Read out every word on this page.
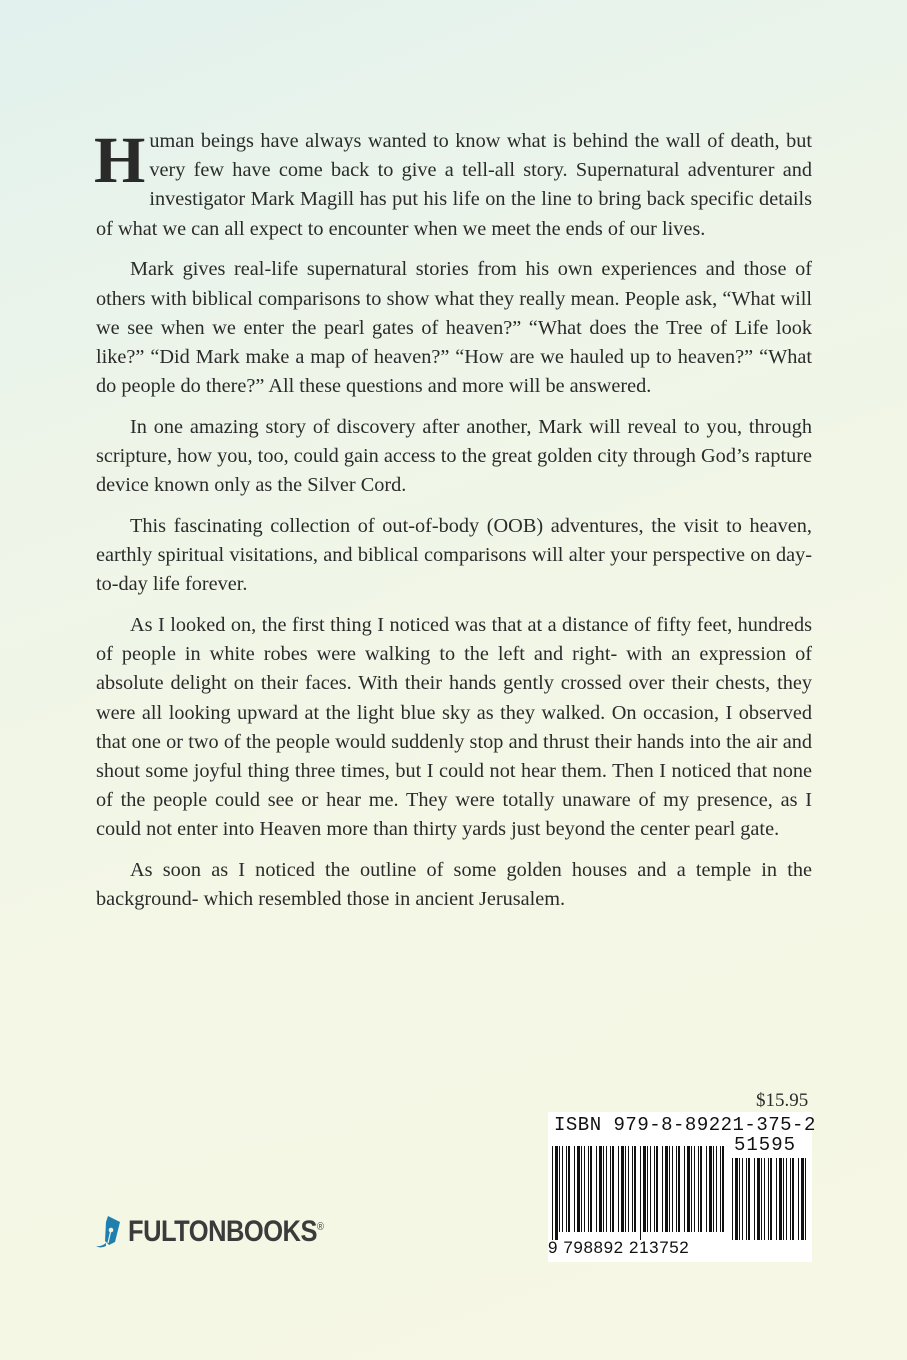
Human beings have always wanted to know what is behind the wall of death, but very few have come back to give a tell-all story. Supernatural adventurer and investigator Mark Magill has put his life on the line to bring back specific details of what we can all expect to encounter when we meet the ends of our lives.

Mark gives real-life supernatural stories from his own experiences and those of others with biblical comparisons to show what they really mean. People ask, “What will we see when we enter the pearl gates of heaven?” “What does the Tree of Life look like?” “Did Mark make a map of heaven?” “How are we hauled up to heaven?” “What do people do there?” All these questions and more will be answered.

In one amazing story of discovery after another, Mark will reveal to you, through scripture, how you, too, could gain access to the great golden city through God’s rapture device known only as the Silver Cord.

This fascinating collection of out-of-body (OOB) adventures, the visit to heaven, earthly spiritual visitations, and biblical comparisons will alter your perspective on day-to-day life forever.

As I looked on, the first thing I noticed was that at a distance of fifty feet, hundreds of people in white robes were walking to the left and right- with an expression of absolute delight on their faces. With their hands gently crossed over their chests, they were all looking upward at the light blue sky as they walked. On occasion, I observed that one or two of the people would suddenly stop and thrust their hands into the air and shout some joyful thing three times, but I could not hear them. Then I noticed that none of the people could see or hear me. They were totally unaware of my presence, as I could not enter into Heaven more than thirty yards just beyond the center pearl gate.

As soon as I noticed the outline of some golden houses and a temple in the background- which resembled those in ancient Jerusalem.

$15.95
ISBN 979-8-89221-375-2
51595
9 798892 213752
FULTONBOOKS®
